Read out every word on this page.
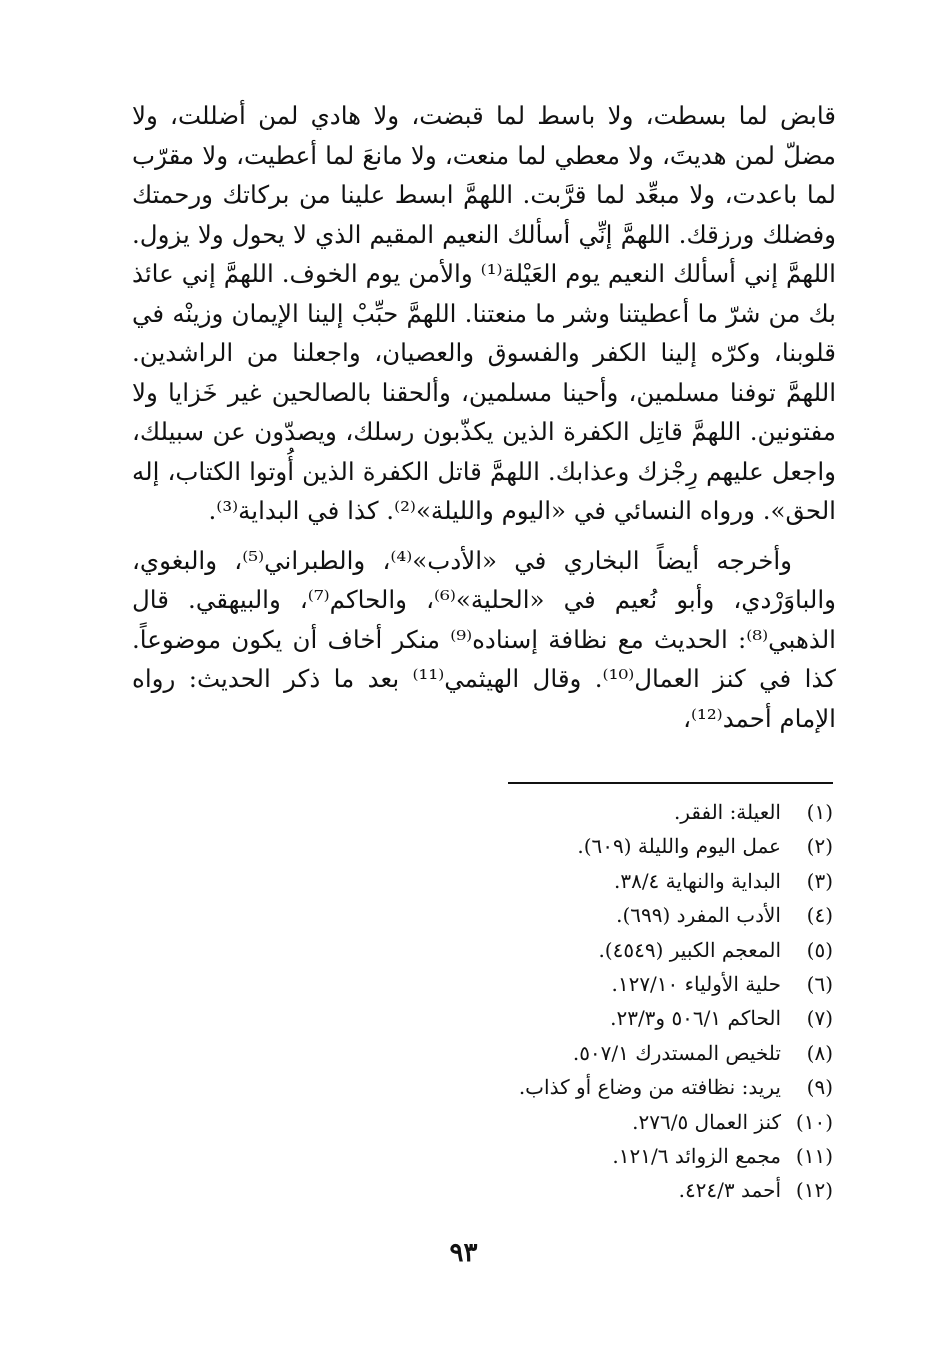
قابض لما بسطت، ولا باسط لما قبضت، ولا هادي لمن أضللت، ولا مضلّ لمن هديتَ، ولا معطي لما منعت، ولا مانعَ لما أعطيت، ولا مقرّب لما باعدت، ولا مبعِّد لما قرَّبت. اللهمَّ ابسط علينا من بركاتك ورحمتك وفضلك ورزقك. اللهمَّ إنِّي أسألك النعيم المقيم الذي لا يحول ولا يزول. اللهمَّ إني أسألك النعيم يوم العَيْلة⁽¹⁾ والأمن يوم الخوف. اللهمَّ إني عائذ بك من شرّ ما أعطيتنا وشر ما منعتنا. اللهمَّ حبِّبْ إلينا الإيمان وزينْه في قلوبنا، وكرّه إلينا الكفر والفسوق والعصيان، واجعلنا من الراشدين. اللهمَّ توفنا مسلمين، وأحينا مسلمين، وألحقنا بالصالحين غير خَزايا ولا مفتونين. اللهمَّ قاتِل الكفرة الذين يكذّبون رسلك، ويصدّون عن سبيلك، واجعل عليهم رِجْزك وعذابك. اللهمَّ قاتل الكفرة الذين أُوتوا الكتاب، إله الحق». ورواه النسائي في «اليوم والليلة»⁽²⁾. كذا في البداية⁽³⁾.

وأخرجه أيضاً البخاري في «الأدب»⁽⁴⁾، والطبراني⁽⁵⁾، والبغوي، والباوَرْدي، وأبو نُعيم في «الحلية»⁽⁶⁾، والحاكم⁽⁷⁾، والبيهقي. قال الذهبي⁽⁸⁾: الحديث مع نظافة إسناده⁽⁹⁾ منكر أخاف أن يكون موضوعاً. كذا في كنز العمال⁽¹⁰⁾. وقال الهيثمي⁽¹¹⁾ بعد ما ذكر الحديث: رواه الإمام أحمد⁽¹²⁾،

(١)
العيلة: الفقر.
(٢)
عمل اليوم والليلة (٦٠٩).
(٣)
البداية والنهاية ٣٨/٤.
(٤)
الأدب المفرد (٦٩٩).
(٥)
المعجم الكبير (٤٥٤٩).
(٦)
حلية الأولياء ١٢٧/١٠.
(٧)
الحاكم ٥٠٦/١ و٢٣/٣.
(٨)
تلخيص المستدرك ٥٠٧/١.
(٩)
يريد: نظافته من وضاع أو كذاب.
(١٠)
كنز العمال ٢٧٦/٥.
(١١)
مجمع الزوائد ١٢١/٦.
(١٢)
أحمد ٤٢٤/٣.
٩٣
